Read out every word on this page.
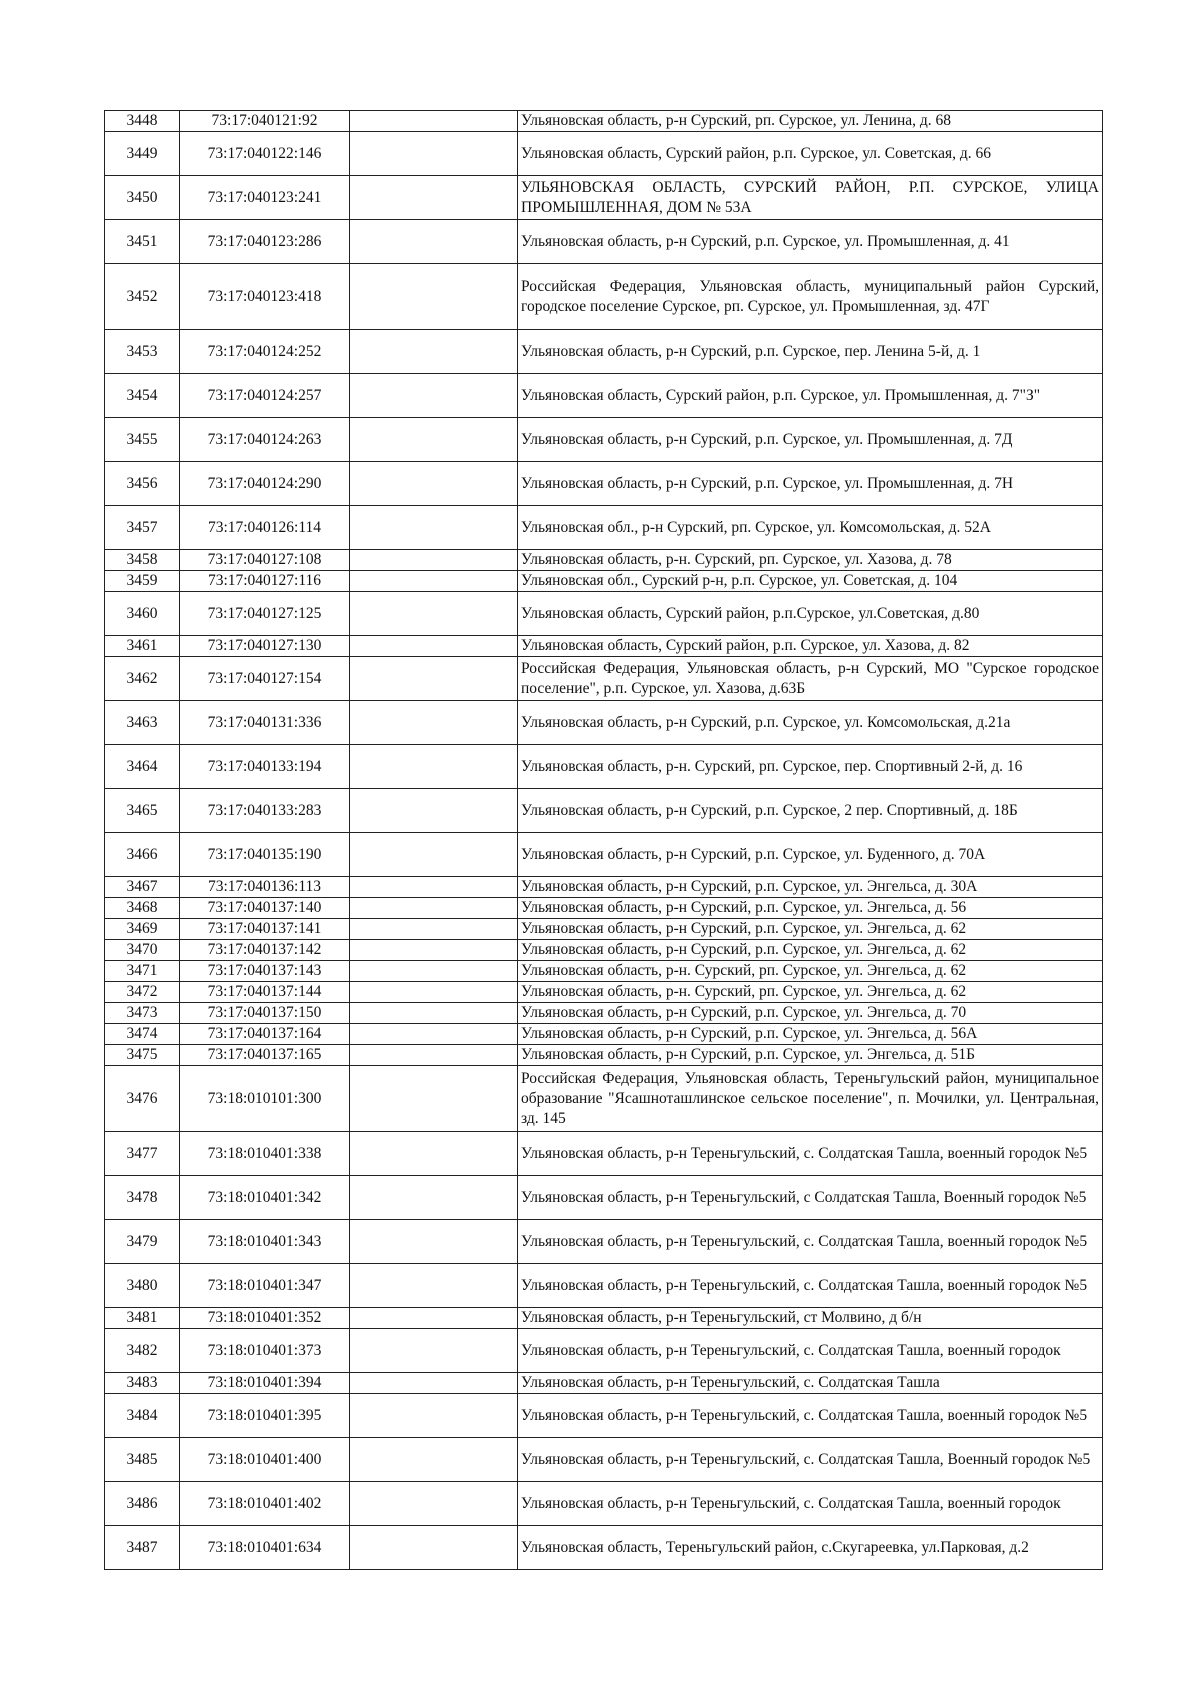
3448	73:17:040121:92		Ульяновская область, р-н Сурский, рп. Сурское, ул. Ленина, д. 68
3449	73:17:040122:146		Ульяновская область, Сурский район, р.п. Сурское, ул. Советская, д. 66
3450	73:17:040123:241		УЛЬЯНОВСКАЯ ОБЛАСТЬ, СУРСКИЙ РАЙОН, Р.П. СУРСКОЕ, УЛИЦА ПРОМЫШЛЕННАЯ, ДОМ № 53А
3451	73:17:040123:286		Ульяновская область, р-н Сурский, р.п. Сурское, ул. Промышленная, д. 41
3452	73:17:040123:418		Российская Федерация, Ульяновская область, муниципальный район Сурский, городское поселение Сурское, рп. Сурское, ул. Промышленная, зд. 47Г
3453	73:17:040124:252		Ульяновская область, р-н Сурский, р.п. Сурское, пер. Ленина 5-й, д. 1
3454	73:17:040124:257		Ульяновская область, Сурский район, р.п. Сурское, ул. Промышленная, д. 7"З"
3455	73:17:040124:263		Ульяновская область, р-н Сурский, р.п. Сурское, ул. Промышленная, д. 7Д
3456	73:17:040124:290		Ульяновская область, р-н Сурский, р.п. Сурское, ул. Промышленная, д. 7Н
3457	73:17:040126:114		Ульяновская обл., р-н Сурский, рп. Сурское, ул. Комсомольская, д. 52А
3458	73:17:040127:108		Ульяновская область, р-н. Сурский, рп. Сурское, ул. Хазова, д. 78
3459	73:17:040127:116		Ульяновская обл., Сурский р-н, р.п. Сурское, ул. Советская, д. 104
3460	73:17:040127:125		Ульяновская область, Сурский район, р.п.Сурское, ул.Советская, д.80
3461	73:17:040127:130		Ульяновская область, Сурский район, р.п. Сурское, ул. Хазова, д. 82
3462	73:17:040127:154		Российская Федерация, Ульяновская область, р-н Сурский, МО "Сурское городское поселение", р.п. Сурское, ул. Хазова, д.63Б
3463	73:17:040131:336		Ульяновская область, р-н Сурский, р.п. Сурское, ул. Комсомольская, д.21а
3464	73:17:040133:194		Ульяновская область, р-н. Сурский, рп. Сурское, пер. Спортивный 2-й, д. 16
3465	73:17:040133:283		Ульяновская область, р-н Сурский, р.п. Сурское, 2 пер. Спортивный, д. 18Б
3466	73:17:040135:190		Ульяновская область, р-н Сурский, р.п. Сурское, ул. Буденного, д. 70А
3467	73:17:040136:113		Ульяновская область, р-н Сурский, р.п. Сурское, ул. Энгельса, д. 30А
3468	73:17:040137:140		Ульяновская область, р-н Сурский, р.п. Сурское, ул. Энгельса, д. 56
3469	73:17:040137:141		Ульяновская область, р-н Сурский, р.п. Сурское, ул. Энгельса, д. 62
3470	73:17:040137:142		Ульяновская область, р-н Сурский, р.п. Сурское, ул. Энгельса, д. 62
3471	73:17:040137:143		Ульяновская область, р-н. Сурский, рп. Сурское, ул. Энгельса, д. 62
3472	73:17:040137:144		Ульяновская область, р-н. Сурский, рп. Сурское, ул. Энгельса, д. 62
3473	73:17:040137:150		Ульяновская область, р-н Сурский, р.п. Сурское, ул. Энгельса, д. 70
3474	73:17:040137:164		Ульяновская область, р-н Сурский, р.п. Сурское, ул. Энгельса, д. 56А
3475	73:17:040137:165		Ульяновская область, р-н Сурский, р.п. Сурское, ул. Энгельса, д. 51Б
3476	73:18:010101:300		Российская Федерация, Ульяновская область, Тереньгульский район, муниципальное образование "Ясашноташлинское сельское поселение", п. Мочилки, ул. Центральная, зд. 145
3477	73:18:010401:338		Ульяновская область, р-н Тереньгульский, с. Солдатская Ташла, военный городок №5
3478	73:18:010401:342		Ульяновская область, р-н Тереньгульский, с Солдатская Ташла, Военный городок №5
3479	73:18:010401:343		Ульяновская область, р-н Тереньгульский, с. Солдатская Ташла, военный городок №5
3480	73:18:010401:347		Ульяновская область, р-н Тереньгульский, с. Солдатская Ташла, военный городок №5
3481	73:18:010401:352		Ульяновская область, р-н Тереньгульский, ст Молвино, д б/н
3482	73:18:010401:373		Ульяновская область, р-н Тереньгульский, с. Солдатская Ташла, военный городок
3483	73:18:010401:394		Ульяновская область, р-н Тереньгульский, с. Солдатская Ташла
3484	73:18:010401:395		Ульяновская область, р-н Тереньгульский, с. Солдатская Ташла, военный городок №5
3485	73:18:010401:400		Ульяновская область, р-н Тереньгульский, с. Солдатская Ташла, Военный городок №5
3486	73:18:010401:402		Ульяновская область, р-н Тереньгульский, с. Солдатская Ташла, военный городок
3487	73:18:010401:634		Ульяновская область, Тереньгульский район, с.Скугареевка, ул.Парковая, д.2
